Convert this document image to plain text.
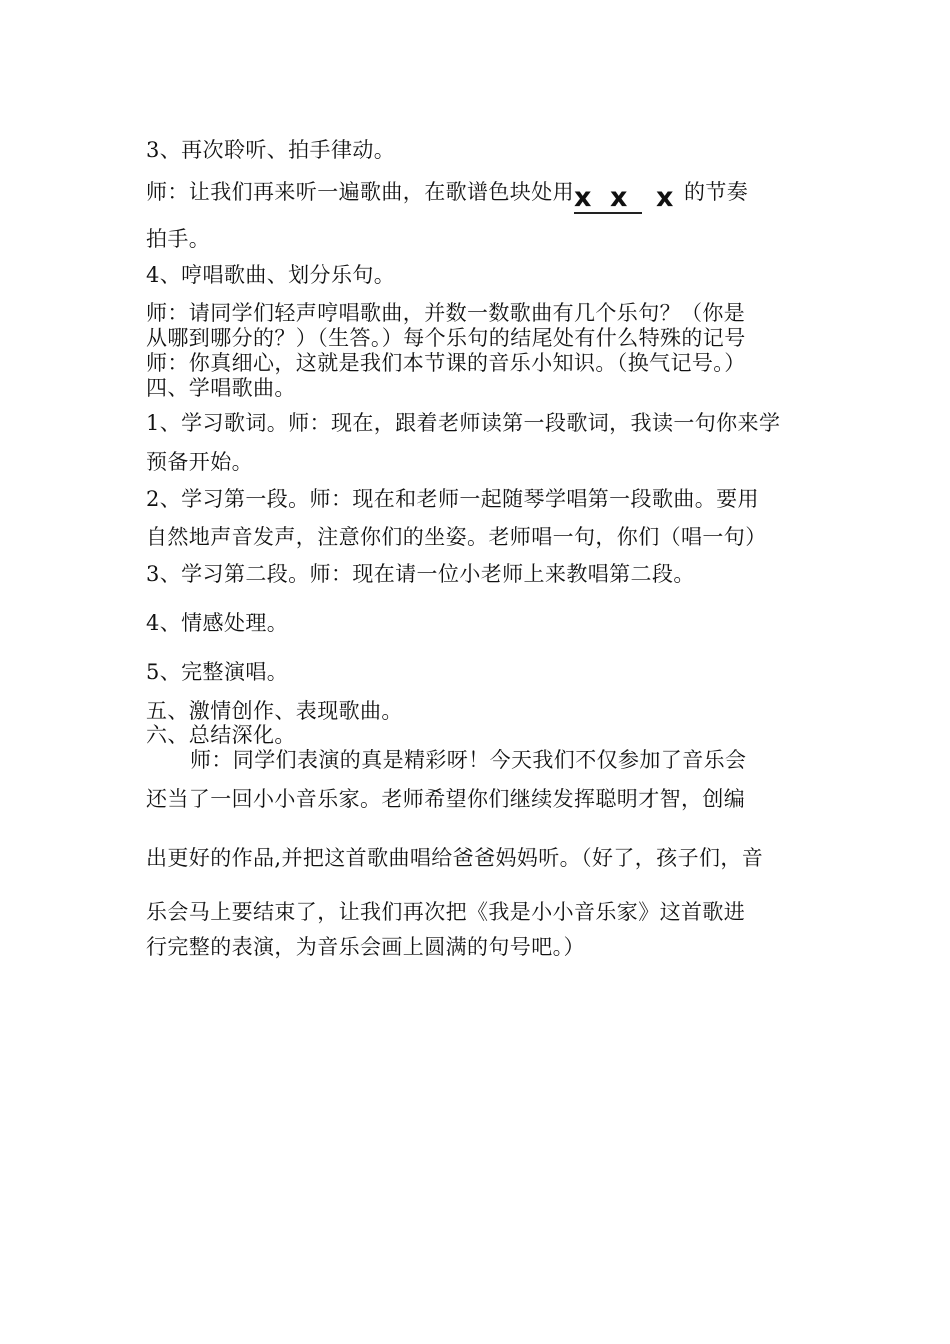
3、再次聆听、拍手律动。
师：让我们再来听一遍歌曲，在歌谱色块处用 x x x 的节奏
拍手。
4、哼唱歌曲、划分乐句。
师：请同学们轻声哼唱歌曲，并数一数歌曲有几个乐句？（你是
从哪到哪分的？）（生答。）每个乐句的结尾处有什么特殊的记号
师：你真细心，这就是我们本节课的音乐小知识。（换气记号。）
四、学唱歌曲。
1、学习歌词。师：现在，跟着老师读第一段歌词，我读一句你来学
预备开始。
2、学习第一段。师：现在和老师一起随琴学唱第一段歌曲。要用
自然地声音发声，注意你们的坐姿。老师唱一句，你们（唱一句）
3、学习第二段。师：现在请一位小老师上来教唱第二段。
4、情感处理。
5、完整演唱。
五、激情创作、表现歌曲。
六、总结深化。
师：同学们表演的真是精彩呀！今天我们不仅参加了音乐会
还当了一回小小音乐家。老师希望你们继续发挥聪明才智，创编
出更好的作品,并把这首歌曲唱给爸爸妈妈听。（好了，孩子们，音
乐会马上要结束了，让我们再次把《我是小小音乐家》这首歌进
行完整的表演，为音乐会画上圆满的句号吧。）
